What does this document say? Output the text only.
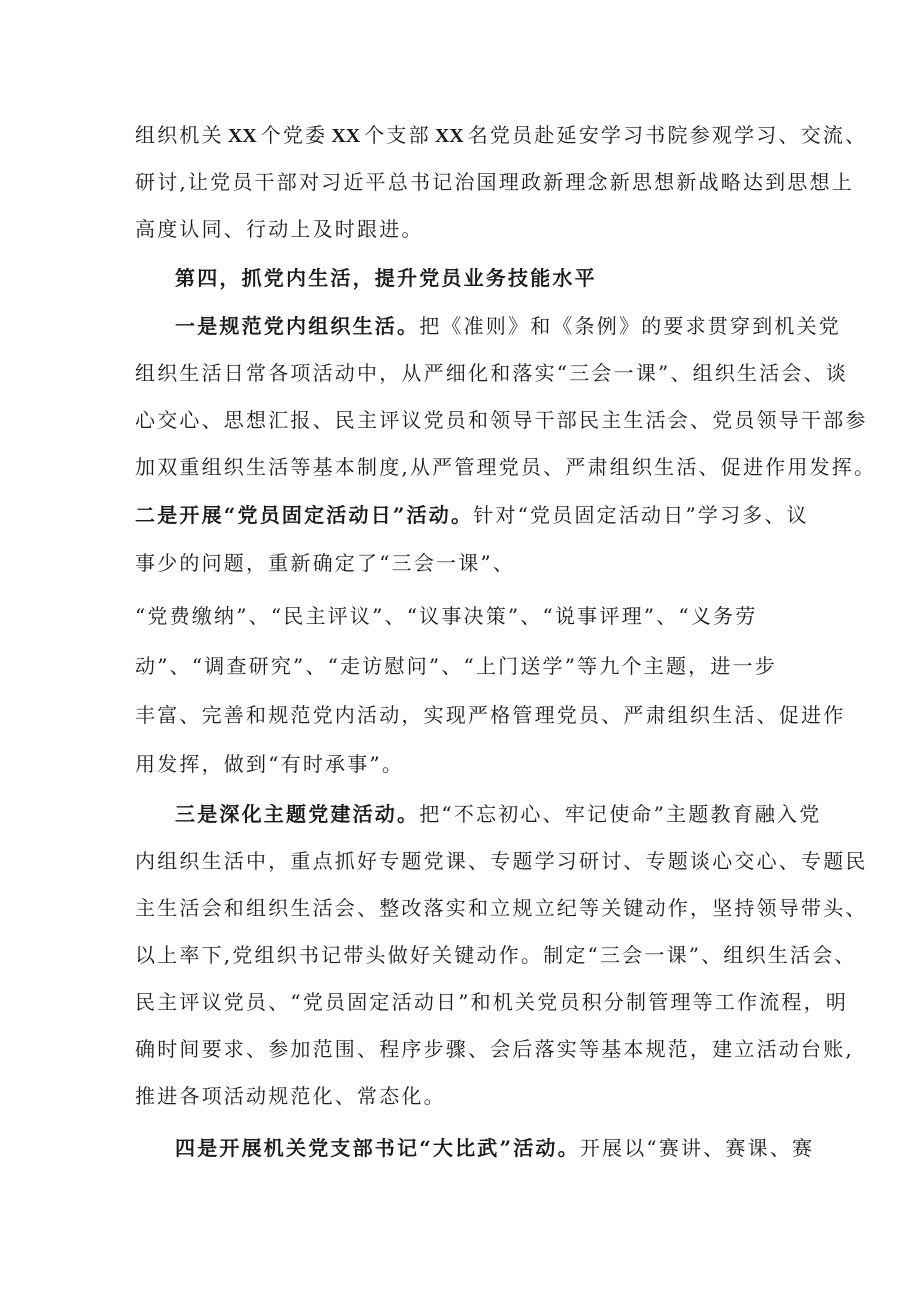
组织机关 XX 个党委 XX 个支部 XX 名党员赴延安学习书院参观学习、交流、
研讨,让党员干部对习近平总书记治国理政新理念新思想新战略达到思想上
高度认同、行动上及时跟进。
第四，抓党内生活，提升党员业务技能水平
一是规范党内组织生活。把《准则》和《条例》的要求贯穿到机关党
组织生活日常各项活动中，从严细化和落实“三会一课”、组织生活会、谈
心交心、思想汇报、民主评议党员和领导干部民主生活会、党员领导干部参
加双重组织生活等基本制度,从严管理党员、严肃组织生活、促进作用发挥。
二是开展“党员固定活动日”活动。针对“党员固定活动日”学习多、议
事少的问题，重新确定了“三会一课”、
“党费缴纳”、“民主评议”、“议事决策”、“说事评理”、“义务劳
动”、“调查研究”、“走访慰问”、“上门送学”等九个主题，进一步
丰富、完善和规范党内活动，实现严格管理党员、严肃组织生活、促进作
用发挥，做到“有时承事”。
三是深化主题党建活动。把“不忘初心、牢记使命”主题教育融入党
内组织生活中，重点抓好专题党课、专题学习研讨、专题谈心交心、专题民
主生活会和组织生活会、整改落实和立规立纪等关键动作，坚持领导带头、
以上率下,党组织书记带头做好关键动作。制定“三会一课”、组织生活会、
民主评议党员、“党员固定活动日”和机关党员积分制管理等工作流程，明
确时间要求、参加范围、程序步骤、会后落实等基本规范，建立活动台账,
推进各项活动规范化、常态化。
四是开展机关党支部书记“大比武”活动。开展以“赛讲、赛课、赛
